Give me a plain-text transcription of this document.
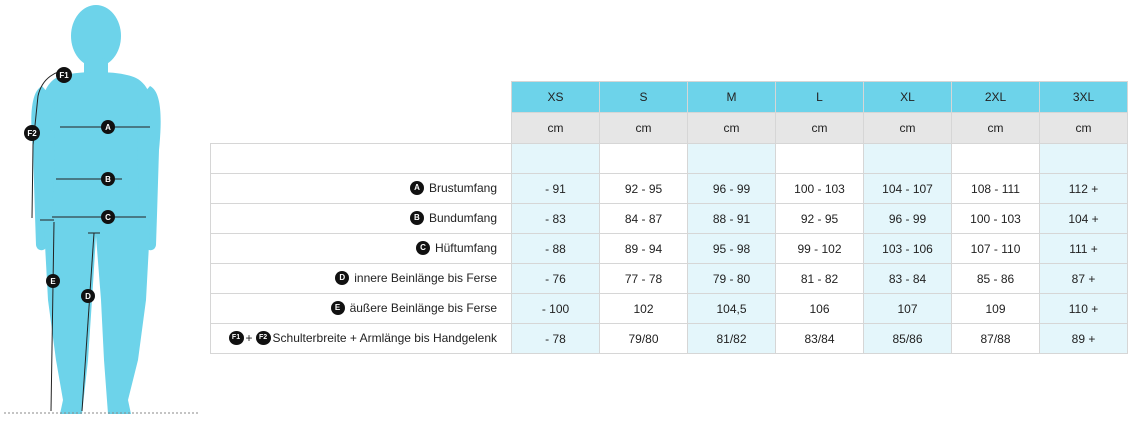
F1
F2
A
B
C
D
E
	XS	S	M	L	XL	2XL	3XL
	cm	cm	cm	cm	cm	cm	cm

A Brustumfang	- 91	92 - 95	96 - 99	100 - 103	104 - 107	108 - 111	112 +
B Bundumfang	- 83	84 - 87	88 - 91	92 - 95	96 - 99	100 - 103	104 +
C Hüftumfang	- 88	89 - 94	95 - 98	99 - 102	103 - 106	107 - 110	111 +
D innere Beinlänge bis Ferse	- 76	77 - 78	79 - 80	81 - 82	83 - 84	85 - 86	87 +
E äußere Beinlänge bis Ferse	- 100	102	104,5	106	107	109	110 +
F1 + F2 Schulterbreite + Armlänge bis Handgelenk	- 78	79/80	81/82	83/84	85/86	87/88	89 +
